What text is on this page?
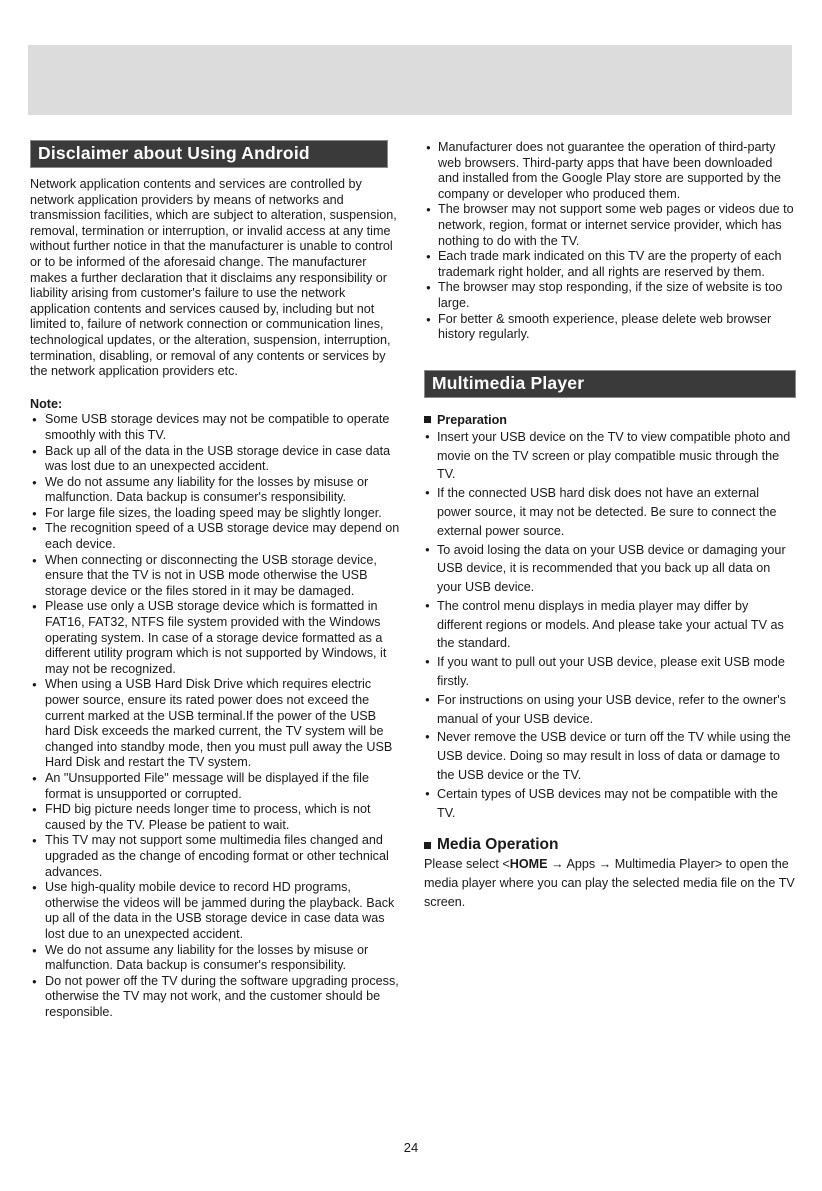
Disclaimer about Using Android

Network application contents and services are controlled by network application providers by means of networks and transmission facilities, which are subject to alteration, suspension, removal, termination or interruption, or invalid access at any time without further notice in that the manufacturer is unable to control or to be informed of the aforesaid change. The manufacturer makes a further declaration that it disclaims any responsibility or liability arising from customer's failure to use the network application contents and services caused by, including but not limited to, failure of network connection or communication lines, technological updates, or the alteration, suspension, interruption, termination, disabling, or removal of any contents or services by the network application providers etc.

Note:

● Some USB storage devices may not be compatible to operate smoothly with this TV.
● Back up all of the data in the USB storage device in case data was lost due to an unexpected accident.
● We do not assume any liability for the losses by misuse or malfunction. Data backup is consumer's responsibility.
● For large file sizes, the loading speed may be slightly longer.
● The recognition speed of a USB storage device may depend on each device.
● When connecting or disconnecting the USB storage device, ensure that the TV is not in USB mode otherwise the USB storage device or the files stored in it may be damaged.
● Please use only a USB storage device which is formatted in FAT16, FAT32, NTFS file system provided with the Windows operating system. In case of a storage device formatted as a different utility program which is not supported by Windows, it may not be recognized.
● When using a USB Hard Disk Drive which requires electric power source, ensure its rated power does not exceed the current marked at the USB terminal.If the power of the USB hard Disk exceeds the marked current, the TV system will be changed into standby mode, then you must pull away the USB Hard Disk and restart the TV system.
● An "Unsupported File" message will be displayed if the file format is unsupported or corrupted.
● FHD big picture needs longer time to process, which is not caused by the TV. Please be patient to wait.
● This TV may not support some multimedia files changed and upgraded as the change of encoding format or other technical advances.
● Use high-quality mobile device to record HD programs, otherwise the videos will be jammed during the playback. Back up all of the data in the USB storage device in case data was lost due to an unexpected accident.
● We do not assume any liability for the losses by misuse or malfunction. Data backup is consumer's responsibility.
● Do not power off the TV during the software upgrading process, otherwise the TV may not work, and the customer should be responsible.
● Manufacturer does not guarantee the operation of third-party web browsers. Third-party apps that have been downloaded and installed from the Google Play store are supported by the company or developer who produced them.
● The browser may not support some web pages or videos due to network, region, format or internet service provider, which has nothing to do with the TV.
● Each trade mark indicated on this TV are the property of each trademark right holder, and all rights are reserved by them.
● The browser may stop responding, if the size of website is too large.
● For better & smooth experience, please delete web browser history regularly.
Multimedia Player
Preparation
● Insert your USB device on the TV to view compatible photo and movie on the TV screen or play compatible music through the TV.
● If the connected USB hard disk does not have an external power source, it may not be detected. Be sure to connect the external power source.
● To avoid losing the data on your USB device or damaging your USB device, it is recommended that you back up all data on your USB device.
● The control menu displays in media player may differ by different regions or models. And please take your actual TV as the standard.
● If you want to pull out your USB device, please exit USB mode firstly.
● For instructions on using your USB device, refer to the owner's manual of your USB device.
● Never remove the USB device or turn off the TV while using the USB device. Doing so may result in loss of data or damage to the USB device or the TV.
● Certain types of USB devices may not be compatible with the TV.
Media Operation

Please select <HOME → Apps → Multimedia Player> to open the media player where you can play the selected media file on the TV screen.

24
